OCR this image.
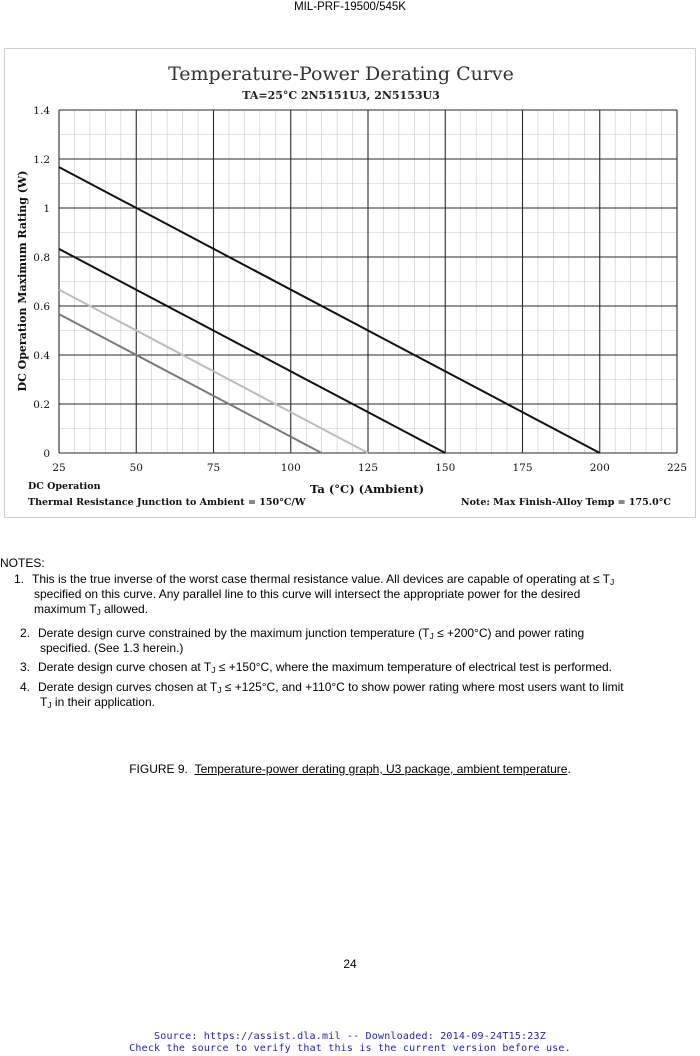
MIL-PRF-19500/545K
Temperature-Power Derating Curve
TA=25°C 2N5151U3, 2N5153U3
25	50	75	100	125	150	175	200	225
0
0.2
0.4
0.6
0.8
1
1.2
1.4
Ta (°C) (Ambient)
DC Operation Maximum Rating (W)
DC Operation
Thermal Resistance Junction to Ambient = 150°C/W	Note: Max Finish-Alloy Temp = 175.0°C
NOTES:
1. This is the true inverse of the worst case thermal resistance value. All devices are capable of operating at ≤ $T_J$
specified on this curve. Any parallel line to this curve will intersect the appropriate power for the desired
maximum $T_J$ allowed.
2. Derate design curve constrained by the maximum junction temperature $(T_J \le +200^\circ C)$ and power rating
specified. (See 1.3 herein.)
3. Derate design curve chosen at $T_J \le +150^\circ C$, where the maximum temperature of electrical test is performed.
4. Derate design curves chosen at $T_J \le +125^\circ C$, and +110°C to show power rating where most users want to limit
$T_J$ in their application.
FIGURE 9. Temperature-power derating graph, U3 package, ambient temperature.
24
Source: https://assist.dla.mil -- Downloaded: 2014-09-24T15:23Z
Check the source to verify that this is the current version before use.
